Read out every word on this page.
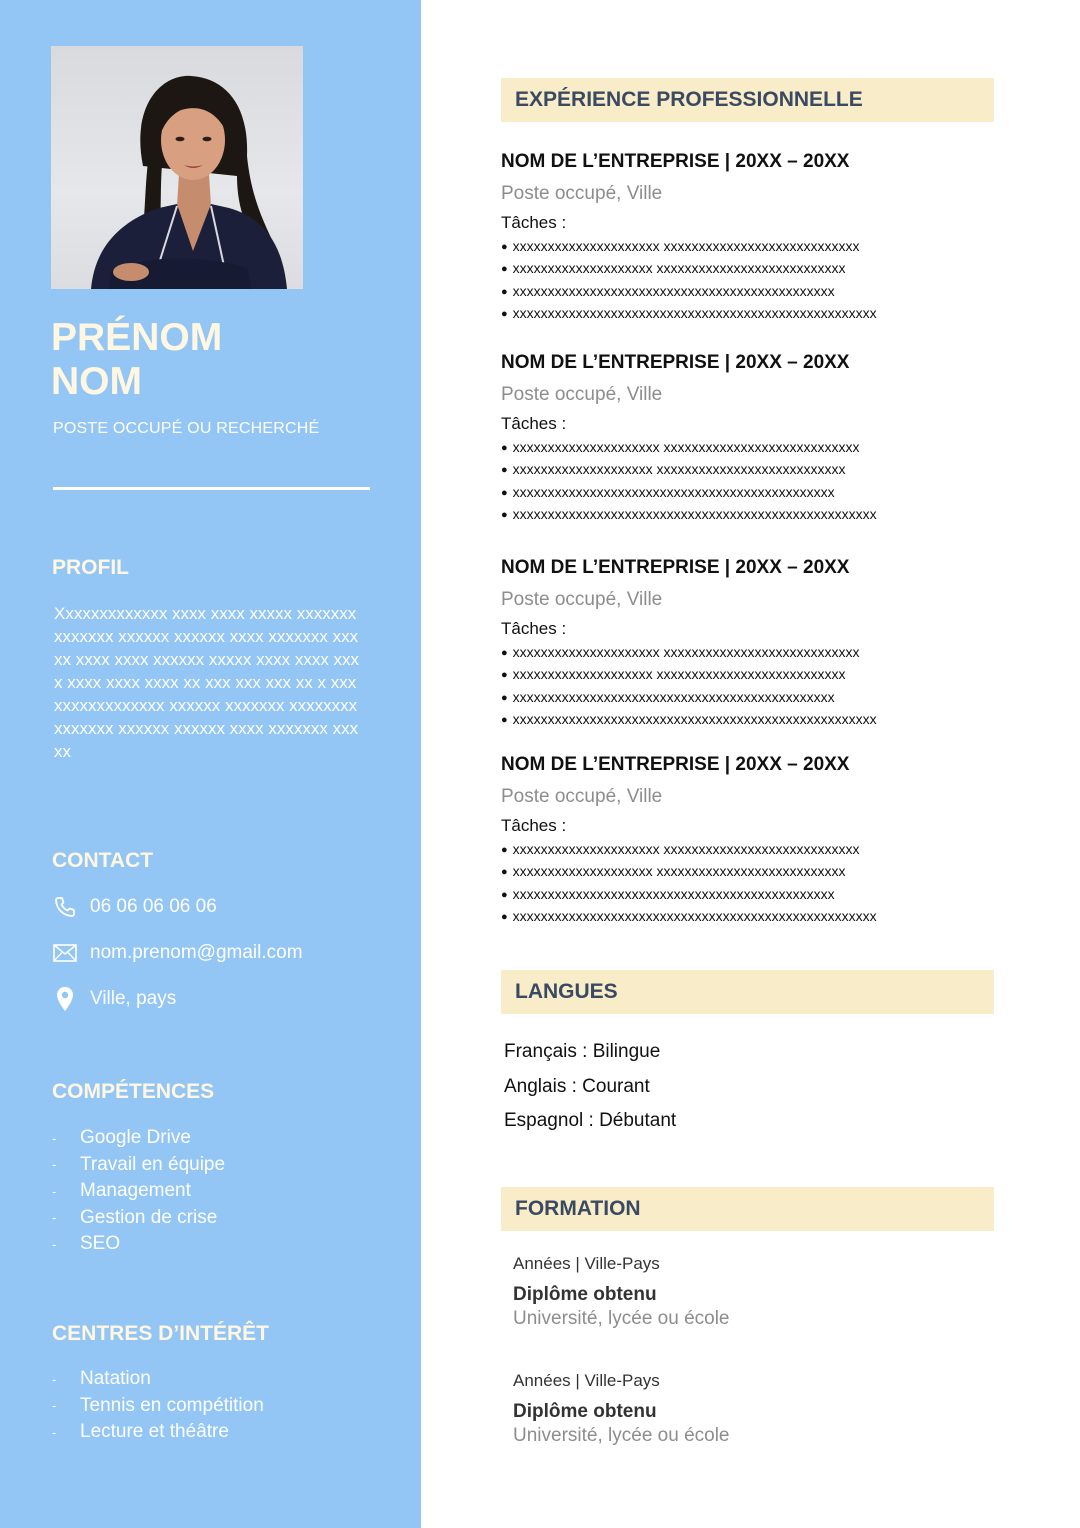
PRÉNOM
NOM
POSTE OCCUPÉ OU RECHERCHÉ
PROFIL
Xxxxxxxxxxxxx xxxx xxxx xxxxx xxxxxxx xxxxxxx xxxxxx xxxxxx xxxx xxxxxxx xxxxx xxxx xxxx xxxxxx xxxxx xxxx xxxx xxxx xxxx xxxx xxxx xx xxx xxx xxx xx x xxxxxxxxxxxxxxxx xxxxxx xxxxxxx xxxxxxxx xxxxxxx xxxxxx xxxxxx xxxx xxxxxxx xxxxx
CONTACT
06 06 06 06 06
nom.prenom@gmail.com
Ville, pays
COMPÉTENCES
-	Google Drive
-	Travail en équipe
-	Management
-	Gestion de crise
-	SEO
CENTRES D’INTÉRÊT
-	Natation
-	Tennis en compétition
-	Lecture et théâtre
EXPÉRIENCE PROFESSIONNELLE
NOM DE L’ENTREPRISE | 20XX – 20XX
Poste occupé, Ville
Tâches :
● xxxxxxxxxxxxxxxxxxxxx xxxxxxxxxxxxxxxxxxxxxxxxxxxx
● xxxxxxxxxxxxxxxxxxxx xxxxxxxxxxxxxxxxxxxxxxxxxxx
● xxxxxxxxxxxxxxxxxxxxxxxxxxxxxxxxxxxxxxxxxxxxxx
● xxxxxxxxxxxxxxxxxxxxxxxxxxxxxxxxxxxxxxxxxxxxxxxxxxxx
NOM DE L’ENTREPRISE | 20XX – 20XX
Poste occupé, Ville
Tâches :
● xxxxxxxxxxxxxxxxxxxxx xxxxxxxxxxxxxxxxxxxxxxxxxxxx
● xxxxxxxxxxxxxxxxxxxx xxxxxxxxxxxxxxxxxxxxxxxxxxx
● xxxxxxxxxxxxxxxxxxxxxxxxxxxxxxxxxxxxxxxxxxxxxx
● xxxxxxxxxxxxxxxxxxxxxxxxxxxxxxxxxxxxxxxxxxxxxxxxxxxx
NOM DE L’ENTREPRISE | 20XX – 20XX
Poste occupé, Ville
Tâches :
● xxxxxxxxxxxxxxxxxxxxx xxxxxxxxxxxxxxxxxxxxxxxxxxxx
● xxxxxxxxxxxxxxxxxxxx xxxxxxxxxxxxxxxxxxxxxxxxxxx
● xxxxxxxxxxxxxxxxxxxxxxxxxxxxxxxxxxxxxxxxxxxxxx
● xxxxxxxxxxxxxxxxxxxxxxxxxxxxxxxxxxxxxxxxxxxxxxxxxxxx
NOM DE L’ENTREPRISE | 20XX – 20XX
Poste occupé, Ville
Tâches :
● xxxxxxxxxxxxxxxxxxxxx xxxxxxxxxxxxxxxxxxxxxxxxxxxx
● xxxxxxxxxxxxxxxxxxxx xxxxxxxxxxxxxxxxxxxxxxxxxxx
● xxxxxxxxxxxxxxxxxxxxxxxxxxxxxxxxxxxxxxxxxxxxxx
● xxxxxxxxxxxxxxxxxxxxxxxxxxxxxxxxxxxxxxxxxxxxxxxxxxxx
LANGUES
Français : Bilingue
Anglais : Courant
Espagnol : Débutant
FORMATION
Années | Ville-Pays
Diplôme obtenu
Université, lycée ou école
Années | Ville-Pays
Diplôme obtenu
Université, lycée ou école
